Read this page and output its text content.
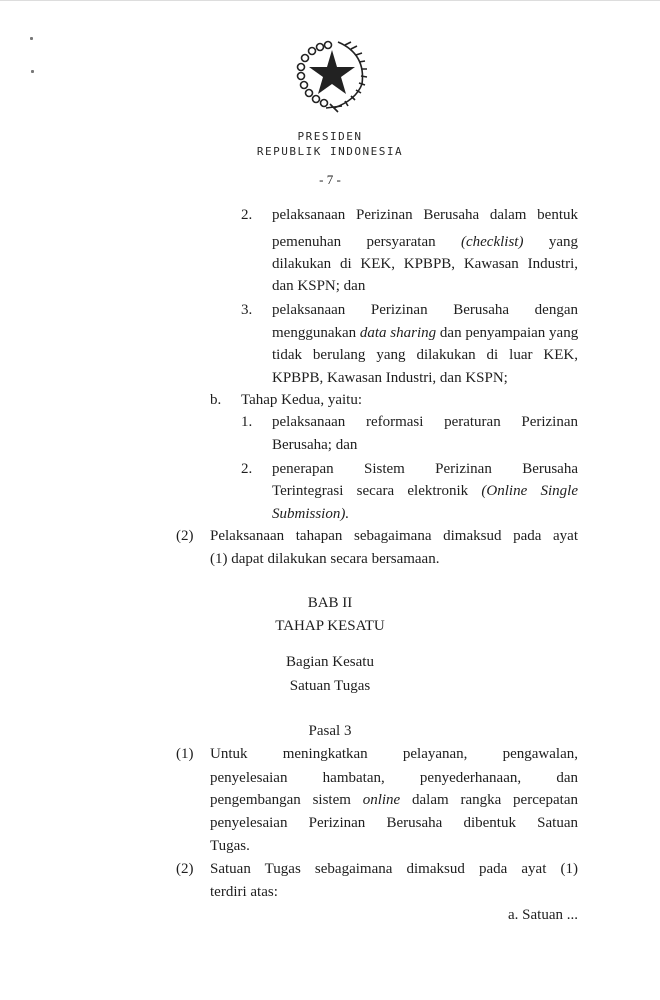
PRESIDEN
REPUBLIK INDONESIA
- 7 -
2. pelaksanaan Perizinan Berusaha dalam bentuk
pemenuhan persyaratan (checklist) yang
dilakukan di KEK, KPBPB, Kawasan Industri,
dan KSPN; dan
3. pelaksanaan Perizinan Berusaha dengan
menggunakan data sharing dan penyampaian yang
tidak berulang yang dilakukan di luar KEK,
KPBPB, Kawasan Industri, dan KSPN;
b. Tahap Kedua, yaitu:
1. pelaksanaan reformasi peraturan Perizinan
Berusaha; dan
2. penerapan Sistem Perizinan Berusaha
Terintegrasi secara elektronik (Online Single
Submission).
(2) Pelaksanaan tahapan sebagaimana dimaksud pada ayat
(1) dapat dilakukan secara bersamaan.
BAB II
TAHAP KESATU
Bagian Kesatu
Satuan Tugas
Pasal 3
(1) Untuk meningkatkan pelayanan, pengawalan,
penyelesaian hambatan, penyederhanaan, dan
pengembangan sistem online dalam rangka percepatan
penyelesaian Perizinan Berusaha dibentuk Satuan
Tugas.
(2) Satuan Tugas sebagaimana dimaksud pada ayat (1)
terdiri atas:
a. Satuan ...
